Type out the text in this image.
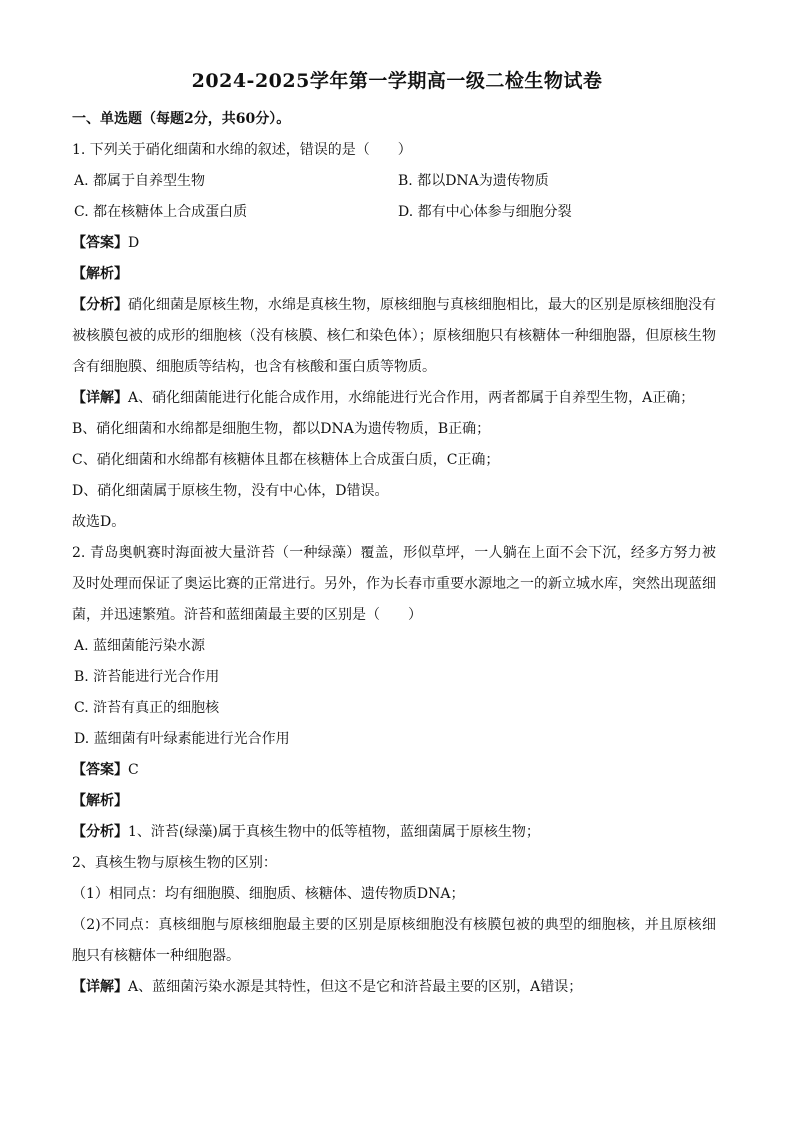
2024-2025学年第一学期高一级二检生物试卷
一、单选题（每题2分，共60分）。
1. 下列关于硝化细菌和水绵的叙述，错误的是（　　）
A. 都属于自养型生物	B. 都以DNA为遗传物质
C. 都在核糖体上合成蛋白质	D. 都有中心体参与细胞分裂
【答案】D
【解析】
【分析】硝化细菌是原核生物，水绵是真核生物，原核细胞与真核细胞相比，最大的区别是原核细胞没有被核膜包被的成形的细胞核（没有核膜、核仁和染色体）；原核细胞只有核糖体一种细胞器，但原核生物含有细胞膜、细胞质等结构，也含有核酸和蛋白质等物质。
【详解】A、硝化细菌能进行化能合成作用，水绵能进行光合作用，两者都属于自养型生物，A正确；
B、硝化细菌和水绵都是细胞生物，都以DNA为遗传物质，B正确；
C、硝化细菌和水绵都有核糖体且都在核糖体上合成蛋白质，C正确；
D、硝化细菌属于原核生物，没有中心体，D错误。
故选D。
2. 青岛奥帆赛时海面被大量浒苔（一种绿藻）覆盖，形似草坪，一人躺在上面不会下沉，经多方努力被及时处理而保证了奥运比赛的正常进行。另外，作为长春市重要水源地之一的新立城水库，突然出现蓝细菌，并迅速繁殖。浒苔和蓝细菌最主要的区别是（　　）
A. 蓝细菌能污染水源
B. 浒苔能进行光合作用
C. 浒苔有真正的细胞核
D. 蓝细菌有叶绿素能进行光合作用
【答案】C
【解析】
【分析】1、浒苔(绿藻)属于真核生物中的低等植物，蓝细菌属于原核生物；
2、真核生物与原核生物的区别：
（1）相同点：均有细胞膜、细胞质、核糖体、遗传物质DNA；
（2)不同点：真核细胞与原核细胞最主要的区别是原核细胞没有核膜包被的典型的细胞核，并且原核细胞只有核糖体一种细胞器。
【详解】A、蓝细菌污染水源是其特性，但这不是它和浒苔最主要的区别，A错误；
